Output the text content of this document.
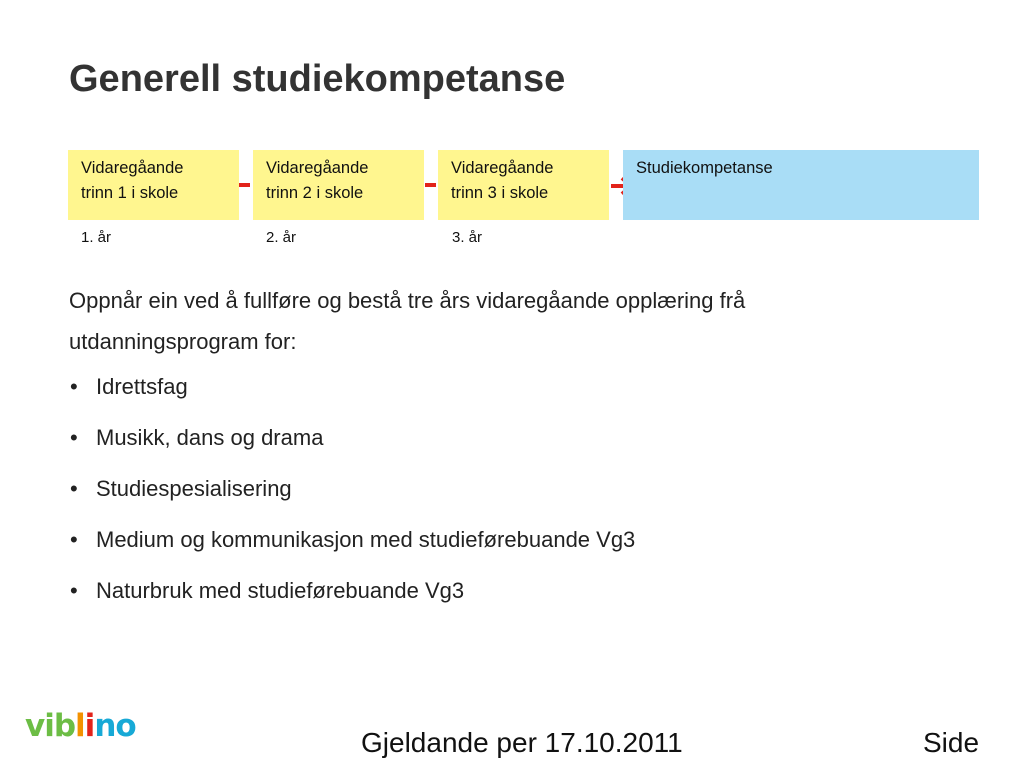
Generell studiekompetanse
Vidaregåande
trinn 1 i skole
Vidaregåande
trinn 2 i skole
Vidaregåande
trinn 3 i skole
Studiekompetanse
1. år	2. år	3. år

Oppnår ein ved å fullføre og bestå tre års vidaregåande opplæring frå utdanningsprogram for:

• Idrettsfag
• Musikk, dans og drama
• Studiespesialisering
• Medium og kommunikasjon med studieførebuande Vg3
• Naturbruk med studieførebuande Vg3
viblino	Gjeldande per 17.10.2011	Side
